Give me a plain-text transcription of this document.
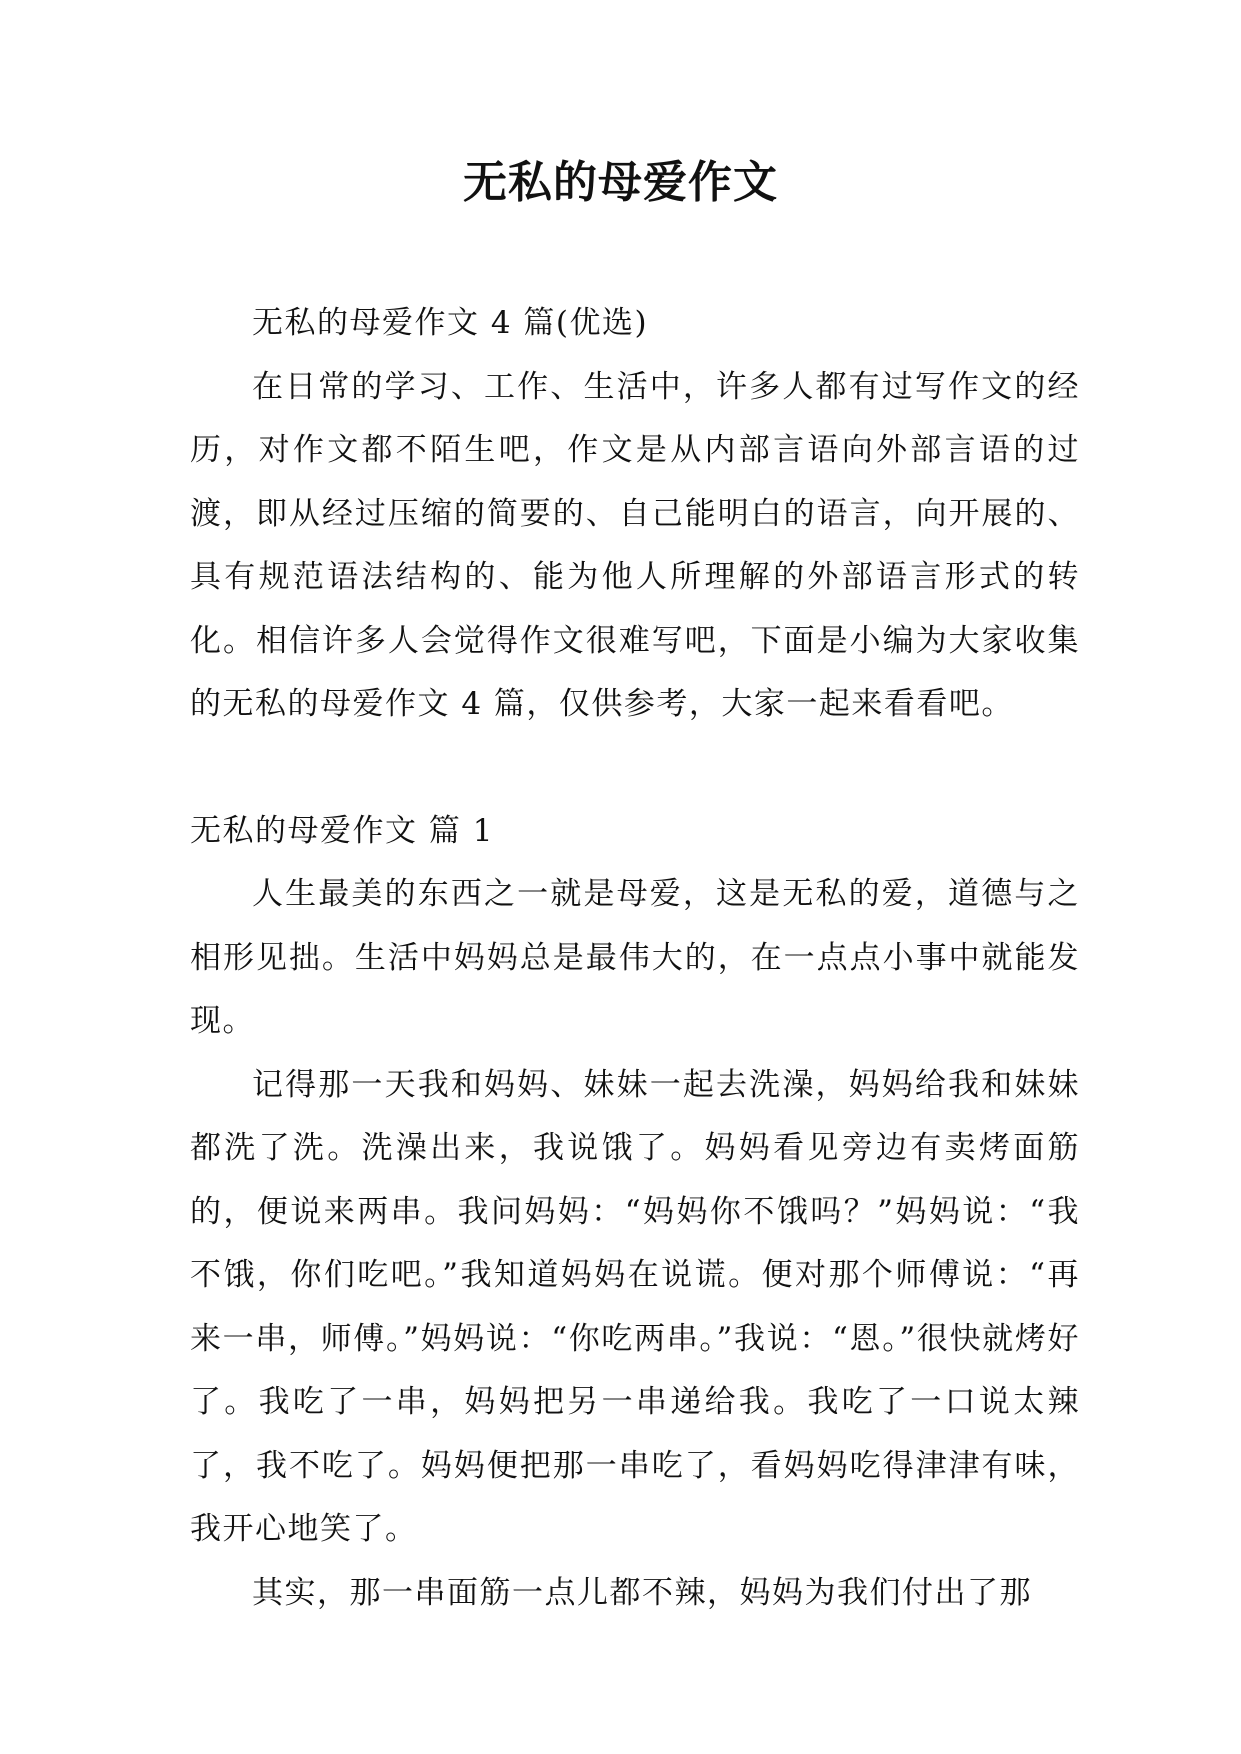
无私的母爱作文

无私的母爱作文 4 篇(优选)

在日常的学习、工作、生活中，许多人都有过写作文的经历，对作文都不陌生吧，作文是从内部言语向外部言语的过渡，即从经过压缩的简要的、自己能明白的语言，向开展的、具有规范语法结构的、能为他人所理解的外部语言形式的转化。相信许多人会觉得作文很难写吧，下面是小编为大家收集的无私的母爱作文 4 篇，仅供参考，大家一起来看看吧。

无私的母爱作文 篇 1

人生最美的东西之一就是母爱，这是无私的爱，道德与之相形见拙。生活中妈妈总是最伟大的，在一点点小事中就能发现。

记得那一天我和妈妈、妹妹一起去洗澡，妈妈给我和妹妹都洗了洗。洗澡出来，我说饿了。妈妈看见旁边有卖烤面筋的，便说来两串。我问妈妈：“妈妈你不饿吗？”妈妈说：“我不饿，你们吃吧。”我知道妈妈在说谎。便对那个师傅说：“再来一串，师傅。”妈妈说：“你吃两串。”我说：“恩。”很快就烤好了。我吃了一串，妈妈把另一串递给我。我吃了一口说太辣了，我不吃了。妈妈便把那一串吃了，看妈妈吃得津津有味，我开心地笑了。

其实，那一串面筋一点儿都不辣，妈妈为我们付出了那
